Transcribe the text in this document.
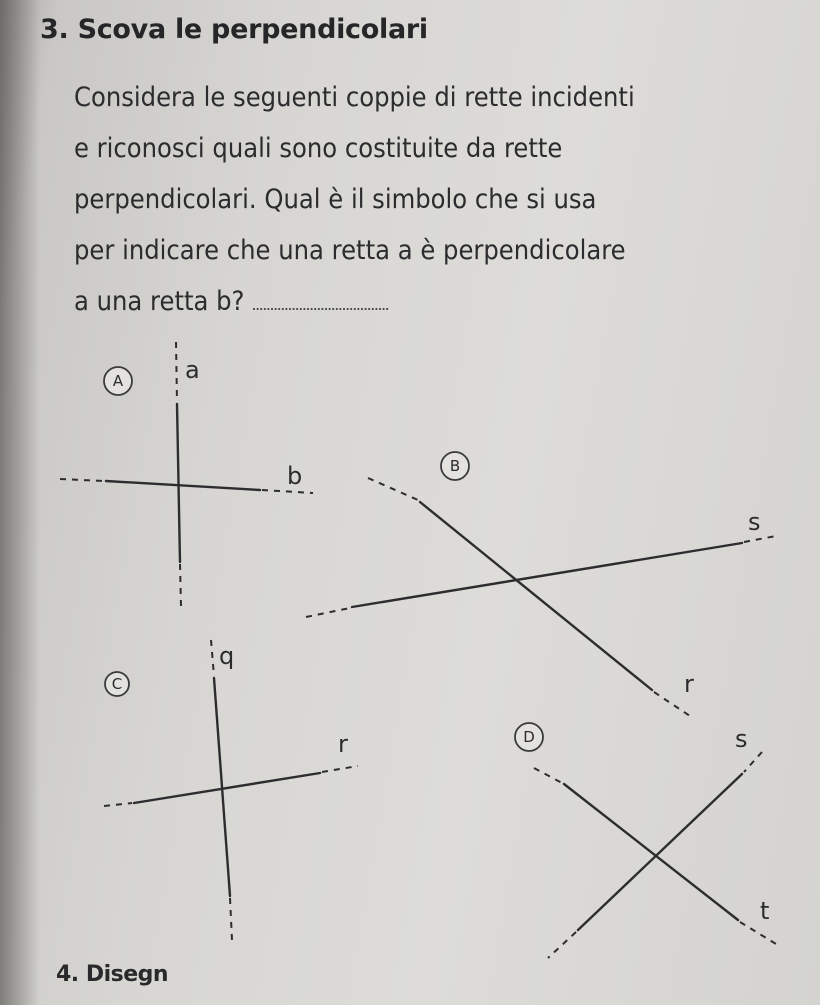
3. Scova le perpendicolari
Considera le seguenti coppie di rette incidenti
e riconosci quali sono costituite da rette
perpendicolari. Qual è il simbolo che si usa
per indicare che una retta a è perpendicolare
a una retta b?
A	a
b	B
r
s
C
q
r	D
t
s
4. Disegn
